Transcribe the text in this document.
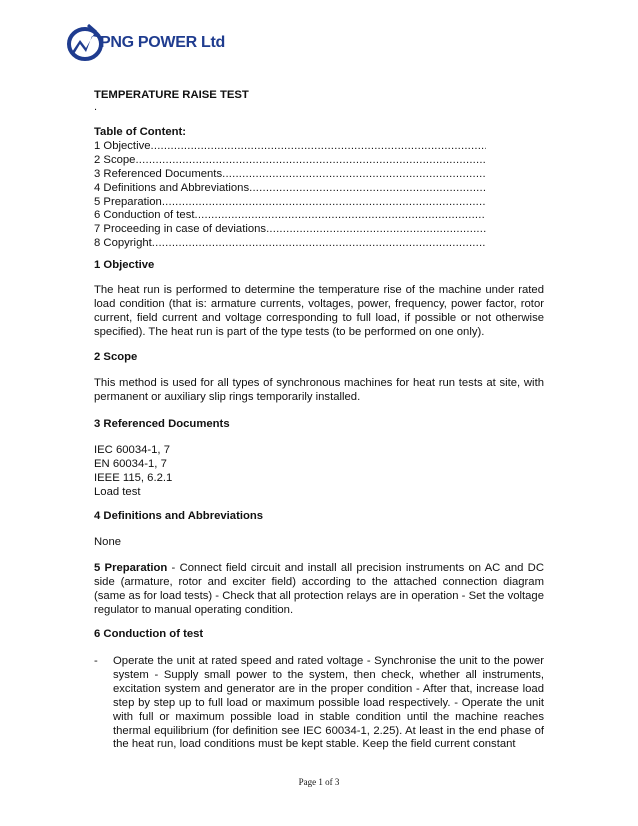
PNG POWER Ltd
TEMPERATURE RAISE TEST
.
Table of Content:
1 Objective
.....
2 Scope
.....
3 Referenced Documents
.....
4 Definitions and Abbreviations
.....
5 Preparation
.....
6 Conduction of test
.....
7 Proceeding in case of deviations
.....
8 Copyright
.....
1 Objective
The heat run is performed to determine the temperature rise of the machine under rated load condition (that is: armature currents, voltages, power, frequency, power factor, rotor current, field current and voltage corresponding to full load, if possible or not otherwise specified). The heat run is part of the type tests (to be performed on one only).
2 Scope
This method is used for all types of synchronous machines for heat run tests at site, with permanent or auxiliary slip rings temporarily installed.
3 Referenced Documents

IEC 60034-1, 7

EN 60034-1, 7

IEEE 115, 6.2.1

Load test

4 Definitions and Abbreviations
None
5 Preparation - Connect field circuit and install all precision instruments on AC and DC side (armature, rotor and exciter field) according to the attached connection diagram (same as for load tests) - Check that all protection relays are in operation - Set the voltage regulator to manual operating condition.
6 Conduction of test
- Operate the unit at rated speed and rated voltage - Synchronise the unit to the power system - Supply small power to the system, then check, whether all instruments, excitation system and generator are in the proper condition - After that, increase load step by step up to full load or maximum possible load respectively. - Operate the unit with full or maximum possible load in stable condition until the machine reaches thermal equilibrium (for definition see IEC 60034-1, 2.25). At least in the end phase of the heat run, load conditions must be kept stable. Keep the field current constant
Page 1 of 3
